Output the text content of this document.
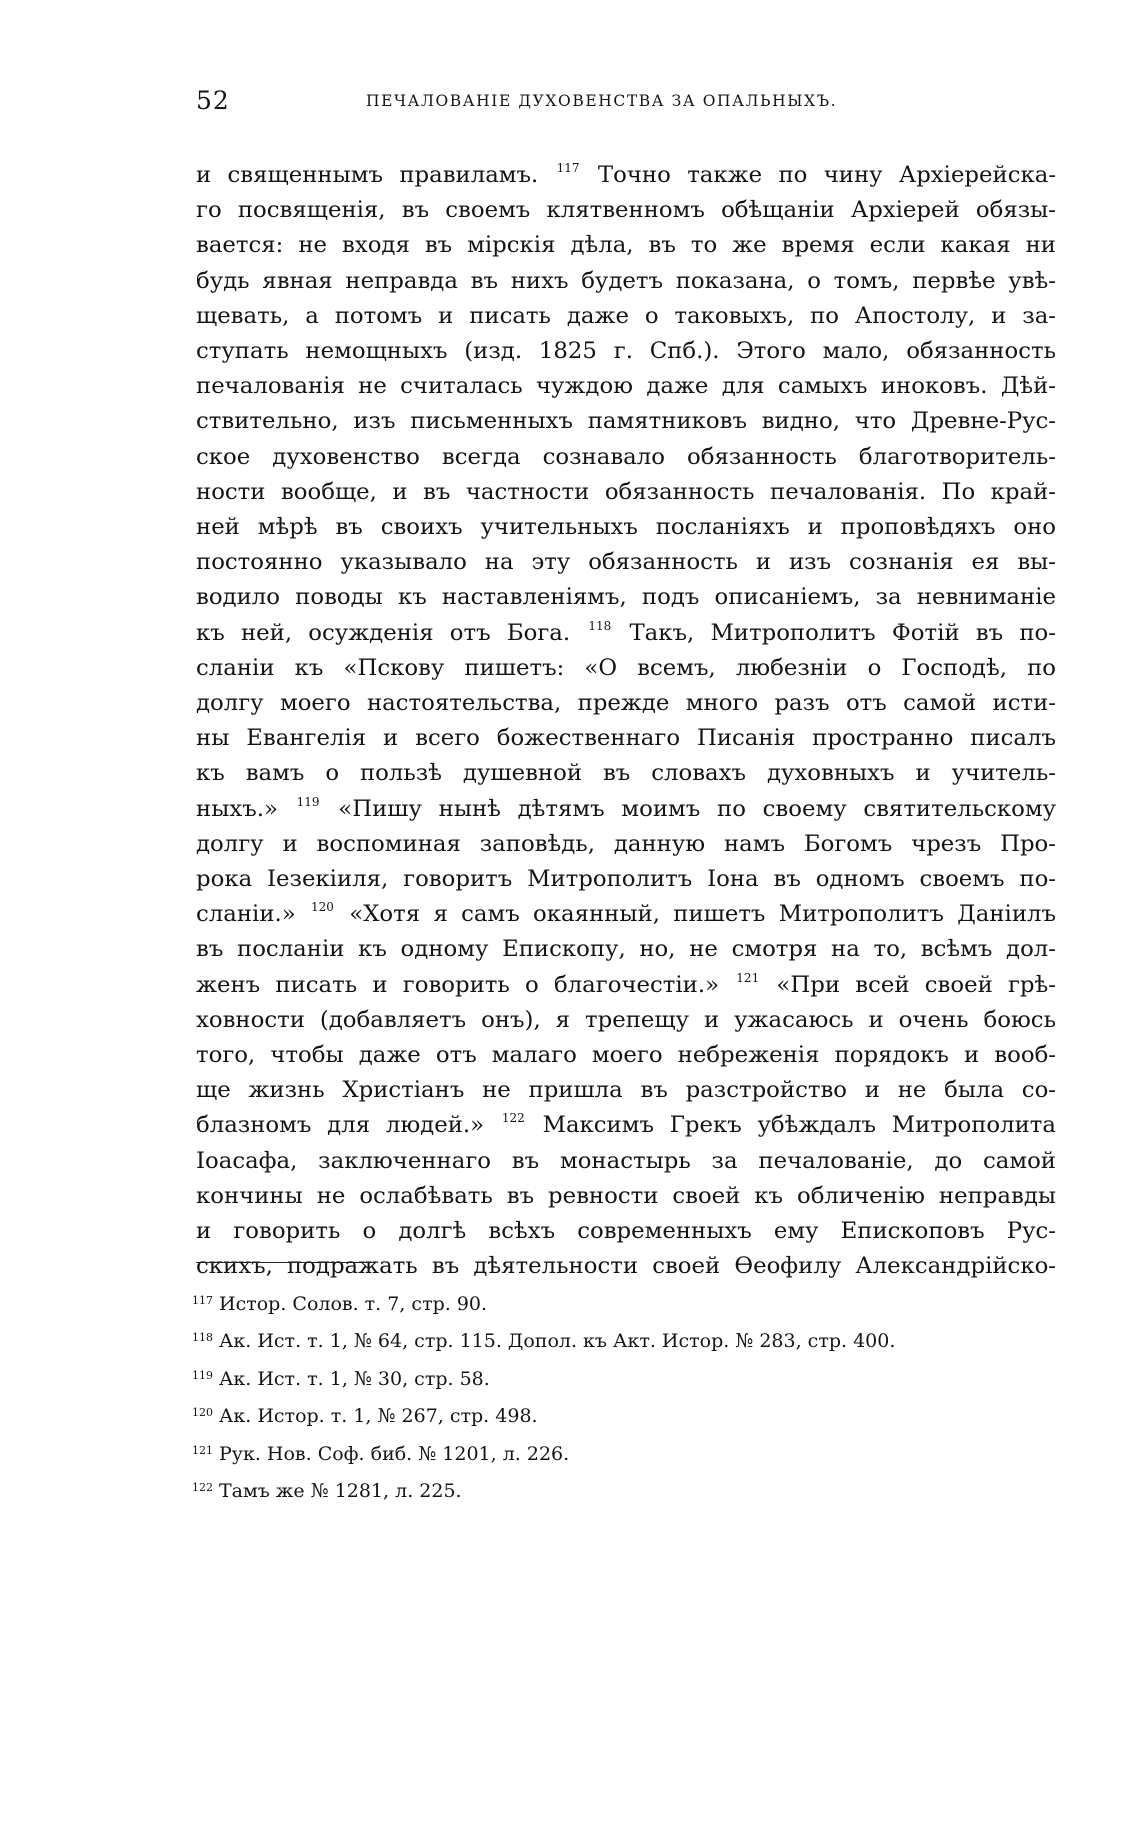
52	ПЕЧАЛОВАНІЕ ДУХОВЕНСТВА ЗА ОПАЛЬНЫХЪ.
и священнымъ правиламъ. $^{117}$ Точно также по чину Архіерейска-
го посвященія, въ своемъ клятвенномъ обѣщаніи Архіерей обязы-
вается: не входя въ мірскія дѣла, въ то же время если какая ни
будь явная неправда въ нихъ будетъ показана, о томъ, первѣе увѣ-
щевать, а потомъ и писать даже о таковыхъ, по Апостолу, и за-
ступать немощныхъ (изд. 1825 г. Спб.). Этого мало, обязанность
печалованія не считалась чуждою даже для самыхъ иноковъ. Дѣй-
ствительно, изъ письменныхъ памятниковъ видно, что Древне-Рус-
ское духовенство всегда сознавало обязанность благотворитель-
ности вообще, и въ частности обязанность печалованія. По край-
ней мѣрѣ въ своихъ учительныхъ посланіяхъ и проповѣдяхъ оно
постоянно указывало на эту обязанность и изъ сознанія ея вы-
водило поводы къ наставленіямъ, подъ описаніемъ, за невниманіе
къ ней, осужденія отъ Бога. $^{118}$ Такъ, Митрополитъ Фотій въ по-
сланіи къ «Пскову пишетъ: «О всемъ, любезніи о Господѣ, по
долгу моего настоятельства, прежде много разъ отъ самой исти-
ны Евангелія и всего божественнаго Писанія пространно писалъ
къ вамъ о пользѣ душевной въ словахъ духовныхъ и учитель-
ныхъ.» $^{119}$ «Пишу нынѣ дѣтямъ моимъ по своему святительскому
долгу и воспоминая заповѣдь, данную намъ Богомъ чрезъ Про-
рока Іезекіиля, говоритъ Митрополитъ Іона въ одномъ своемъ по-
сланіи.» $^{120}$ «Хотя я самъ окаянный, пишетъ Митрополитъ Даніилъ
въ посланіи къ одному Епископу, но, не смотря на то, всѣмъ дол-
женъ писать и говорить о благочестіи.» $^{121}$ «При всей своей грѣ-
ховности (добавляетъ онъ), я трепещу и ужасаюсь и очень боюсь
того, чтобы даже отъ малаго моего небреженія порядокъ и вооб-
ще жизнь Христіанъ не пришла въ разстройство и не была со-
блазномъ для людей.» $^{122}$ Максимъ Грекъ убѣждалъ Митрополита
Іоасафа, заключеннаго въ монастырь за печалованіе, до самой
кончины не ослабѣвать въ ревности своей къ обличенію неправды
и говорить о долгѣ всѣхъ современныхъ ему Епископовъ Рус-
скихъ, подражать въ дѣятельности своей Ѳеофилу Александрійско-
$^{117}$ Истор. Солов. т. 7, стр. 90.
$^{118}$ Ак. Ист. т. 1, № 64, стр. 115. Допол. къ Акт. Истор. № 283, стр. 400.
$^{119}$ Ак. Ист. т. 1, № 30, стр. 58.
$^{120}$ Ак. Истор. т. 1, № 267, стр. 498.
$^{121}$ Рук. Нов. Соф. биб. № 1201, л. 226.
$^{122}$ Тамъ же № 1281, л. 225.
